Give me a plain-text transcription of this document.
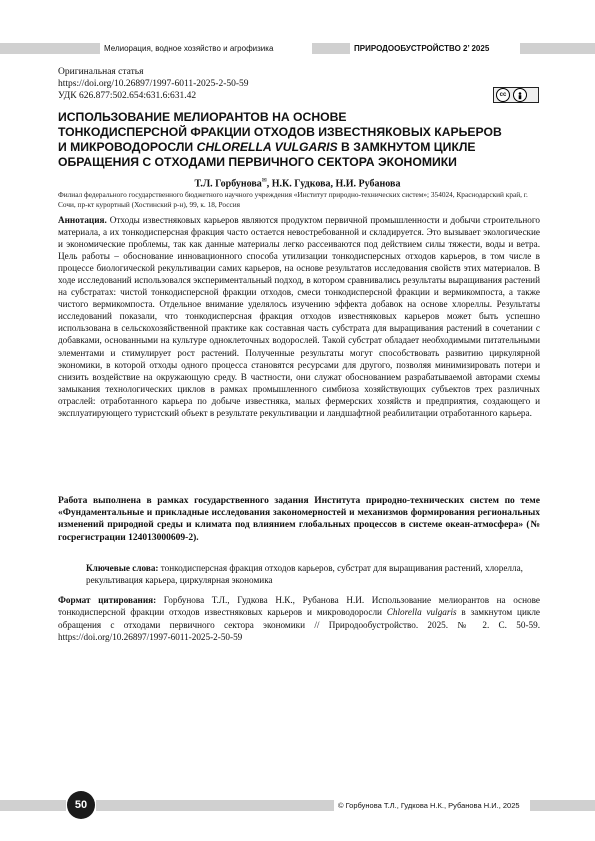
Мелиорация, водное хозяйство и агрофизика	ПРИРОДООБУСТРОЙСТВО 2’ 2025
Оригинальная статья
https://doi.org/10.26897/1997-6011-2025-2-50-59
УДК 626.877:502.654:631.6:631.42	cc
ИСПОЛЬЗОВАНИЕ МЕЛИОРАНТОВ НА ОСНОВЕ
ТОНКОДИСПЕРСНОЙ ФРАКЦИИ ОТХОДОВ ИЗВЕСТНЯКОВЫХ КАРЬЕРОВ
И МИКРОВОДОРОСЛИ CHLORELLA VULGARIS В ЗАМКНУТОМ ЦИКЛЕ
ОБРАЩЕНИЯ С ОТХОДАМИ ПЕРВИЧНОГО СЕКТОРА ЭКОНОМИКИ
Т.Л. Горбунова✉, Н.К. Гудкова, Н.И. Рубанова
Филиал федерального государственного бюджетного научного учреждения «Институт природно-технических систем»; 354024, Краснодарский край, г. Сочи, пр-кт курортный (Хостинский р-н), 99, к. 18, Россия
Аннотация. Отходы известняковых карьеров являются продуктом первичной промышленности и добычи строительного материала, а их тонкодисперсная фракция часто остается невостребованной и складируется. Это вызывает экологические и экономические проблемы, так как данные материалы легко рассеиваются под действием силы тяжести, воды и ветра. Цель работы – обоснование инновационного способа утилизации тонкодисперсных отходов карьеров, в том числе в процессе биологической рекультивации самих карьеров, на основе результатов исследования свойств этих материалов. В ходе исследований использовался экспериментальный подход, в котором сравнивались результаты выращивания растений на субстратах: чистой тонкодисперсной фракции отходов, смеси тонкодисперсной фракции и вермикомпоста, а также чистого вермикомпоста. Отдельное внимание уделялось изучению эффекта добавок на основе хлореллы. Результаты исследований показали, что тонкодисперсная фракция отходов известняковых карьеров может быть успешно использована в сельскохозяйственной практике как составная часть субстрата для выращивания растений в сочетании с добавками, основанными на культуре одноклеточных водорослей. Такой субстрат обладает необходимыми питательными элементами и стимулирует рост растений. Полученные результаты могут способствовать развитию циркулярной экономики, в которой отходы одного процесса становятся ресурсами для другого, позволяя минимизировать потери и снизить воздействие на окружающую среду. В частности, они служат обоснованием разрабатываемой авторами схемы замыкания технологических циклов в рамках промышленного симбиоза хозяйствующих субъектов трех различных отраслей: отработанного карьера по добыче известняка, малых фермерских хозяйств и предприятия, создающего и эксплуатирующего туристский объект в результате рекультивации и ландшафтной реабилитации отработанного карьера.
Работа выполнена в рамках государственного задания Института природно-технических систем по теме «Фундаментальные и прикладные исследования закономерностей и механизмов формирования региональных изменений природной среды и климата под влиянием глобальных процессов в системе океан-атмосфера» (№ госрегистрации 124013000609-2).
Ключевые слова: тонкодисперсная фракция отходов карьеров, субстрат для выращивания растений, хлорелла, рекультивация карьера, циркулярная экономика
Формат цитирования: Горбунова Т.Л., Гудкова Н.К., Рубанова Н.И. Использование мелиорантов на основе тонкодисперсной фракции отходов известняковых карьеров и микроводоросли Chlorella vulgaris в замкнутом цикле обращения с отходами первичного сектора экономики // Природообустройство. 2025. № 2. С. 50-59. https://doi.org/10.26897/1997-6011-2025-2-50-59
50	© Горбунова Т.Л., Гудкова Н.К., Рубанова Н.И., 2025
